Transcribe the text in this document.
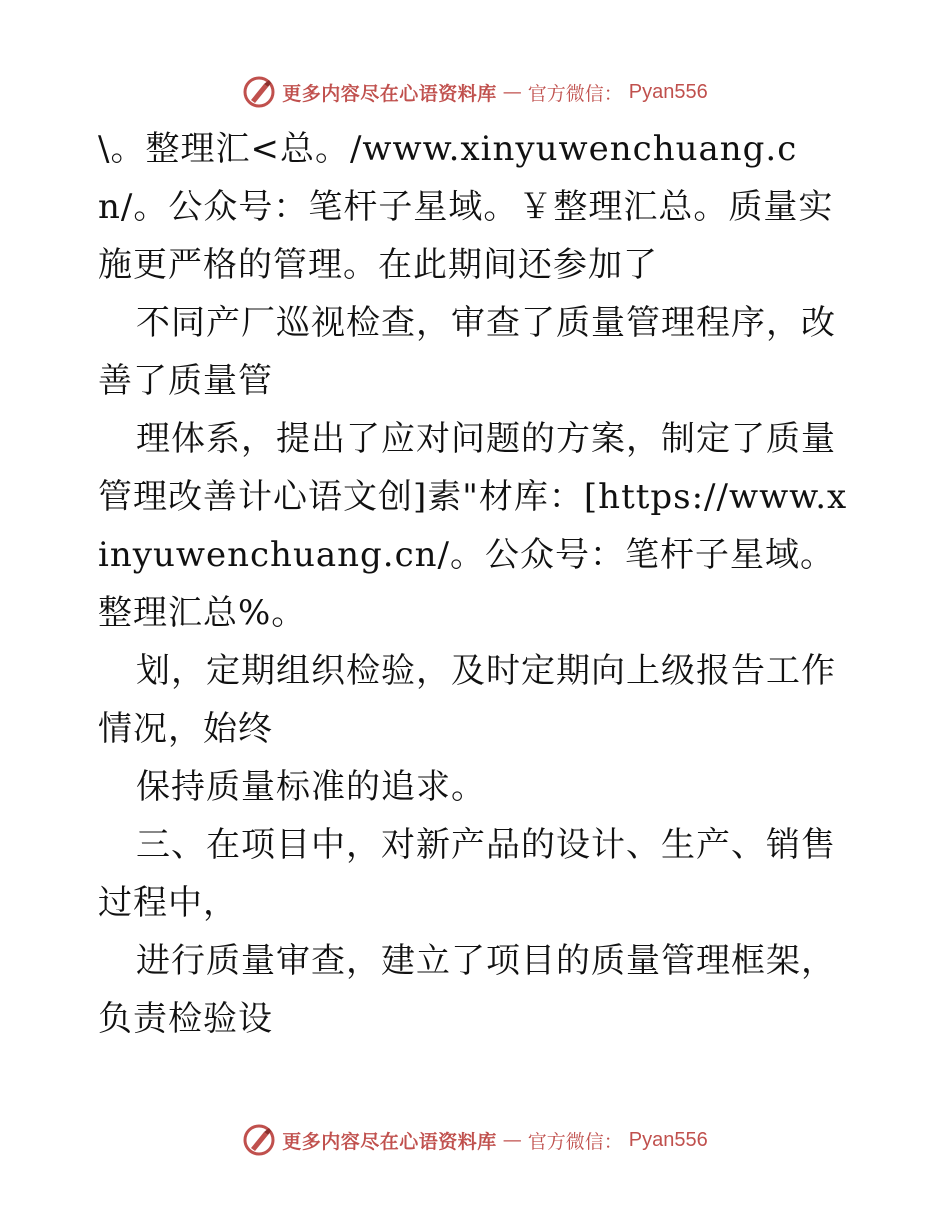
更多内容尽在心语资料库 — 官方微信： Pyan556

\。整理汇<总。/www.xinyuwenchuang.cn/。公众号：笔杆子星域。￥整理汇总。质量实施更严格的管理。在此期间还参加了

不同产厂巡视检查，审查了质量管理程序，改善了质量管

理体系，提出了应对问题的方案，制定了质量管理改善计心语文创]素"材库：[https://www.xinyuwenchuang.cn/。公众号：笔杆子星域。整理汇总%。

划，定期组织检验，及时定期向上级报告工作情况，始终

保持质量标准的追求。

三、在项目中，对新产品的设计、生产、销售过程中，

进行质量审查，建立了项目的质量管理框架，负责检验设

更多内容尽在心语资料库 — 官方微信： Pyan556
